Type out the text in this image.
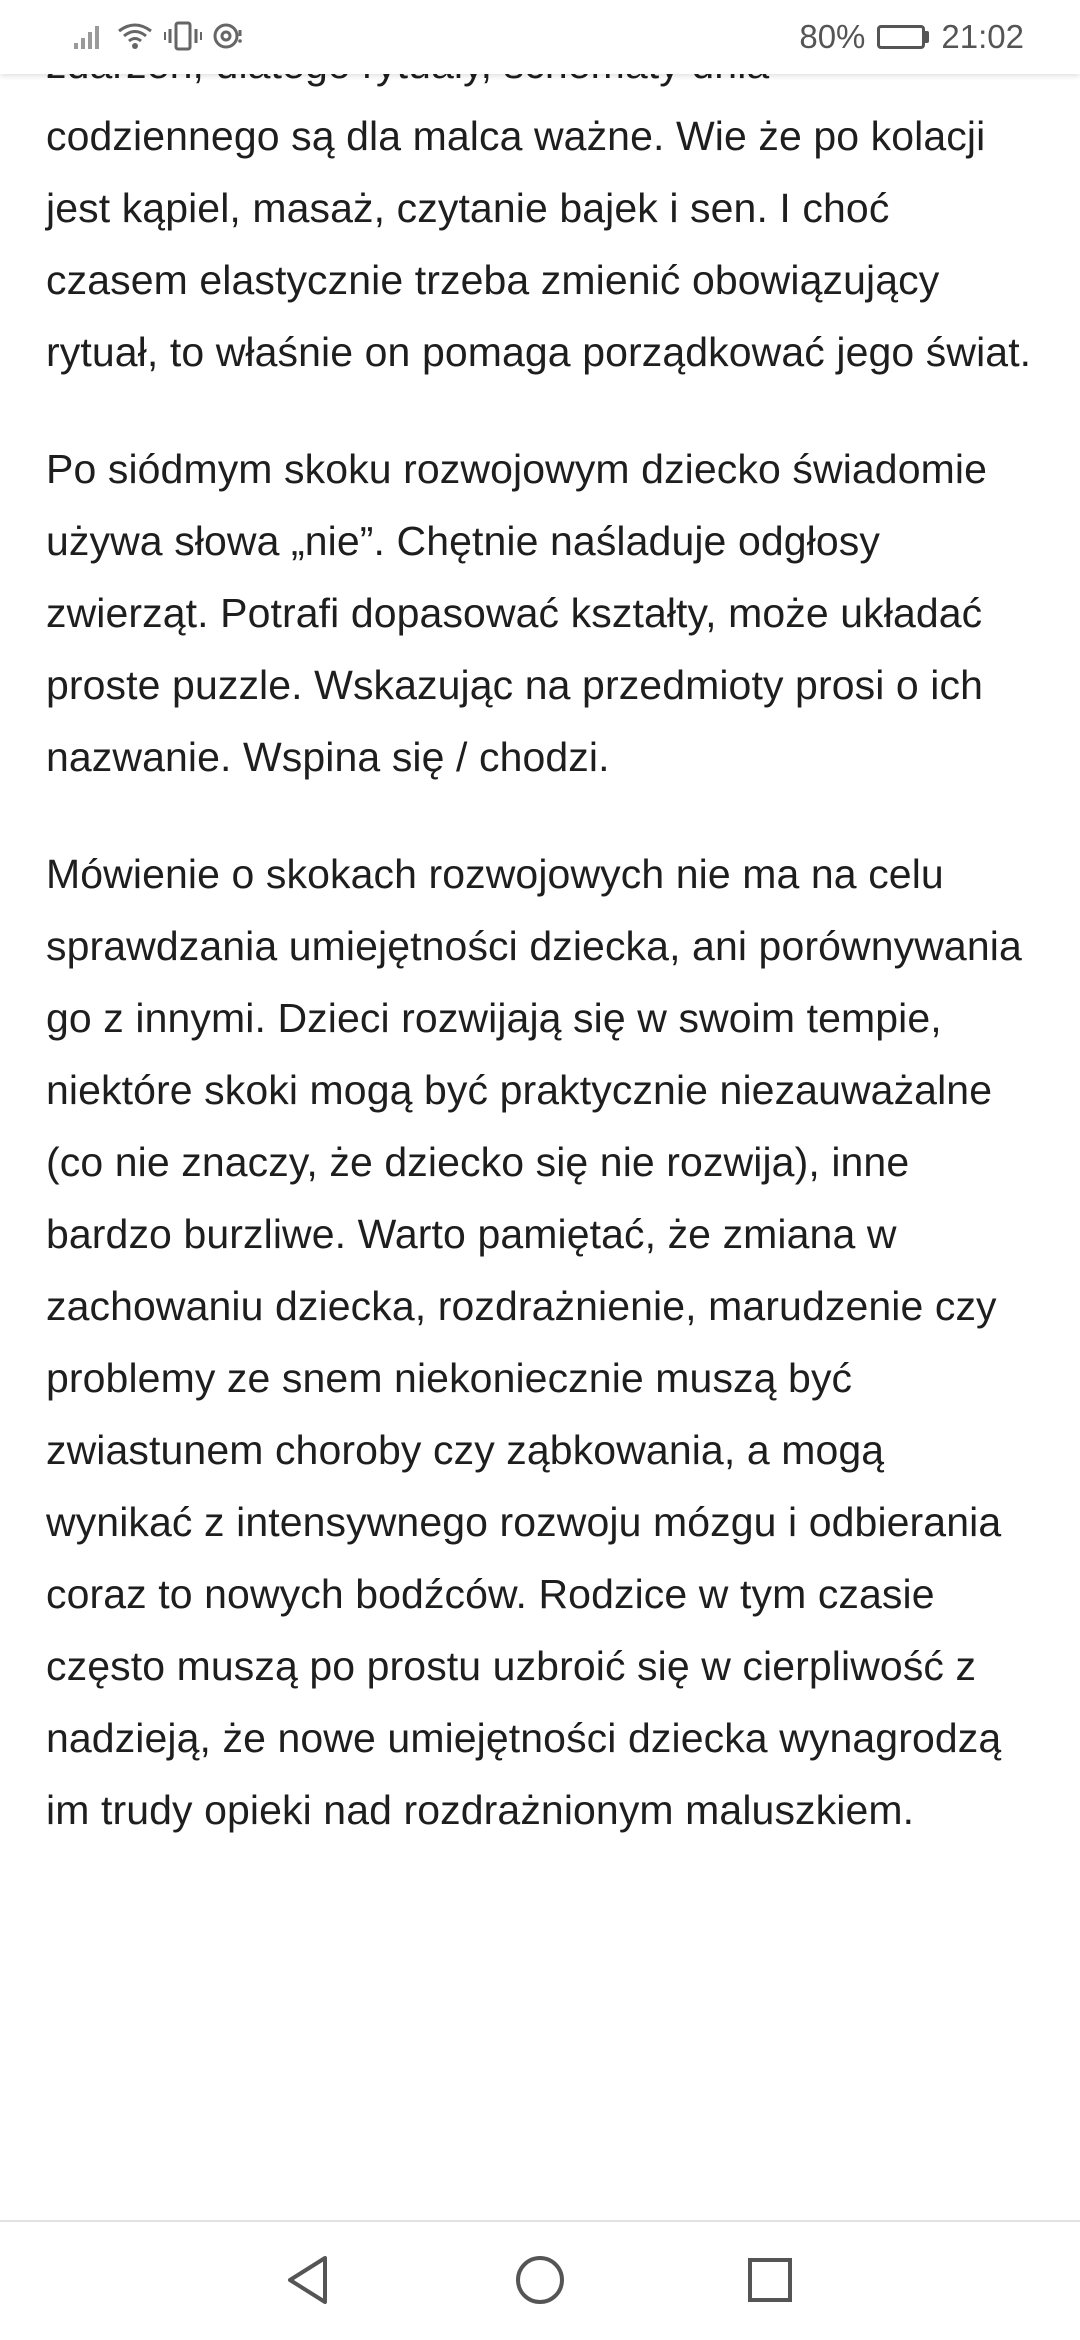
codziennego są dla malca ważne. Wie że po kolacji jest kąpiel, masaż, czytanie bajek i sen. I choć czasem elastycznie trzeba zmienić obowiązujący rytuał, to właśnie on pomaga porządkować jego świat.

Po siódmym skoku rozwojowym dziecko świadomie używa słowa „nie”. Chętnie naśladuje odgłosy zwierząt. Potrafi dopasować kształty, może układać proste puzzle. Wskazując na przedmioty prosi o ich nazwanie. Wspina się / chodzi.

Mówienie o skokach rozwojowych nie ma na celu sprawdzania umiejętności dziecka, ani porównywania go z innymi. Dzieci rozwijają się w swoim tempie, niektóre skoki mogą być praktycznie niezauważalne (co nie znaczy, że dziecko się nie rozwija), inne bardzo burzliwe. Warto pamiętać, że zmiana w zachowaniu dziecka, rozdrażnienie, marudzenie czy problemy ze snem niekoniecznie muszą być zwiastunem choroby czy ząbkowania, a mogą wynikać z intensywnego rozwoju mózgu i odbierania coraz to nowych bodźców. Rodzice w tym czasie często muszą po prostu uzbroić się w cierpliwość z nadzieją, że nowe umiejętności dziecka wynagrodzą im trudy opieki nad rozdrażnionym maluszkiem.

80% 21:02
